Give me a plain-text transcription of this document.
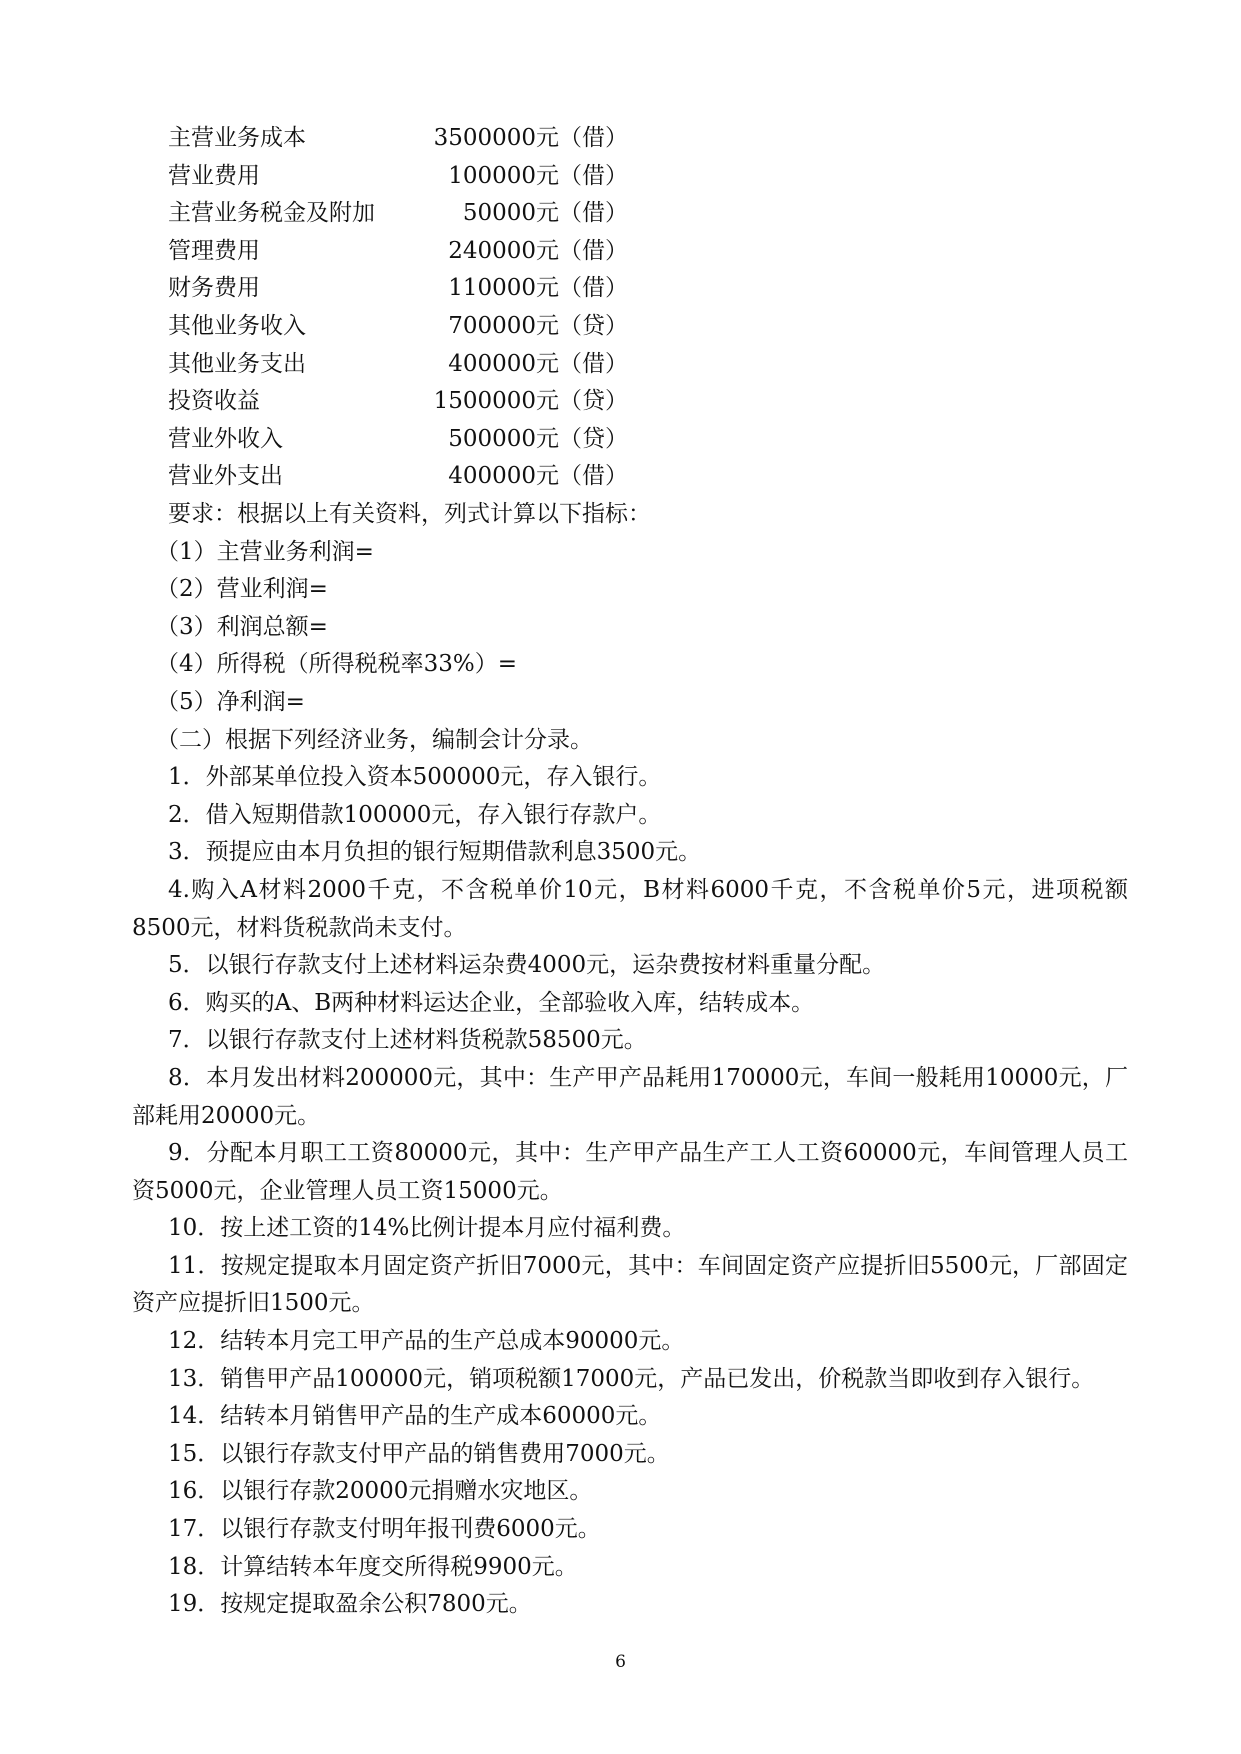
主营业务成本	3500000元（借）
营业费用	100000元（借）
主营业务税金及附加	50000元（借）
管理费用	240000元（借）
财务费用	110000元（借）
其他业务收入	700000元（贷）
其他业务支出	400000元（借）
投资收益	1500000元（贷）
营业外收入	500000元（贷）
营业外支出	400000元（借）

要求：根据以上有关资料，列式计算以下指标：

（1）主营业务利润=

（2）营业利润=

（3）利润总额=

（4）所得税（所得税税率33%）=

（5）净利润=

（二）根据下列经济业务，编制会计分录。

1．外部某单位投入资本500000元，存入银行。

2．借入短期借款100000元，存入银行存款户。

3．预提应由本月负担的银行短期借款利息3500元。

4.购入A材料2000千克，不含税单价10元，B材料6000千克，不含税单价5元，进项税额8500元，材料货税款尚未支付。

5．以银行存款支付上述材料运杂费4000元，运杂费按材料重量分配。

6．购买的A、B两种材料运达企业，全部验收入库，结转成本。

7．以银行存款支付上述材料货税款58500元。

8．本月发出材料200000元，其中：生产甲产品耗用170000元，车间一般耗用10000元，厂部耗用20000元。

9．分配本月职工工资80000元，其中：生产甲产品生产工人工资60000元，车间管理人员工资5000元，企业管理人员工资15000元。

10．按上述工资的14%比例计提本月应付福利费。

11．按规定提取本月固定资产折旧7000元，其中：车间固定资产应提折旧5500元，厂部固定资产应提折旧1500元。

12．结转本月完工甲产品的生产总成本90000元。

13．销售甲产品100000元，销项税额17000元，产品已发出，价税款当即收到存入银行。

14．结转本月销售甲产品的生产成本60000元。

15．以银行存款支付甲产品的销售费用7000元。

16．以银行存款20000元捐赠水灾地区。

17．以银行存款支付明年报刊费6000元。

18．计算结转本年度交所得税9900元。

19．按规定提取盈余公积7800元。

6
